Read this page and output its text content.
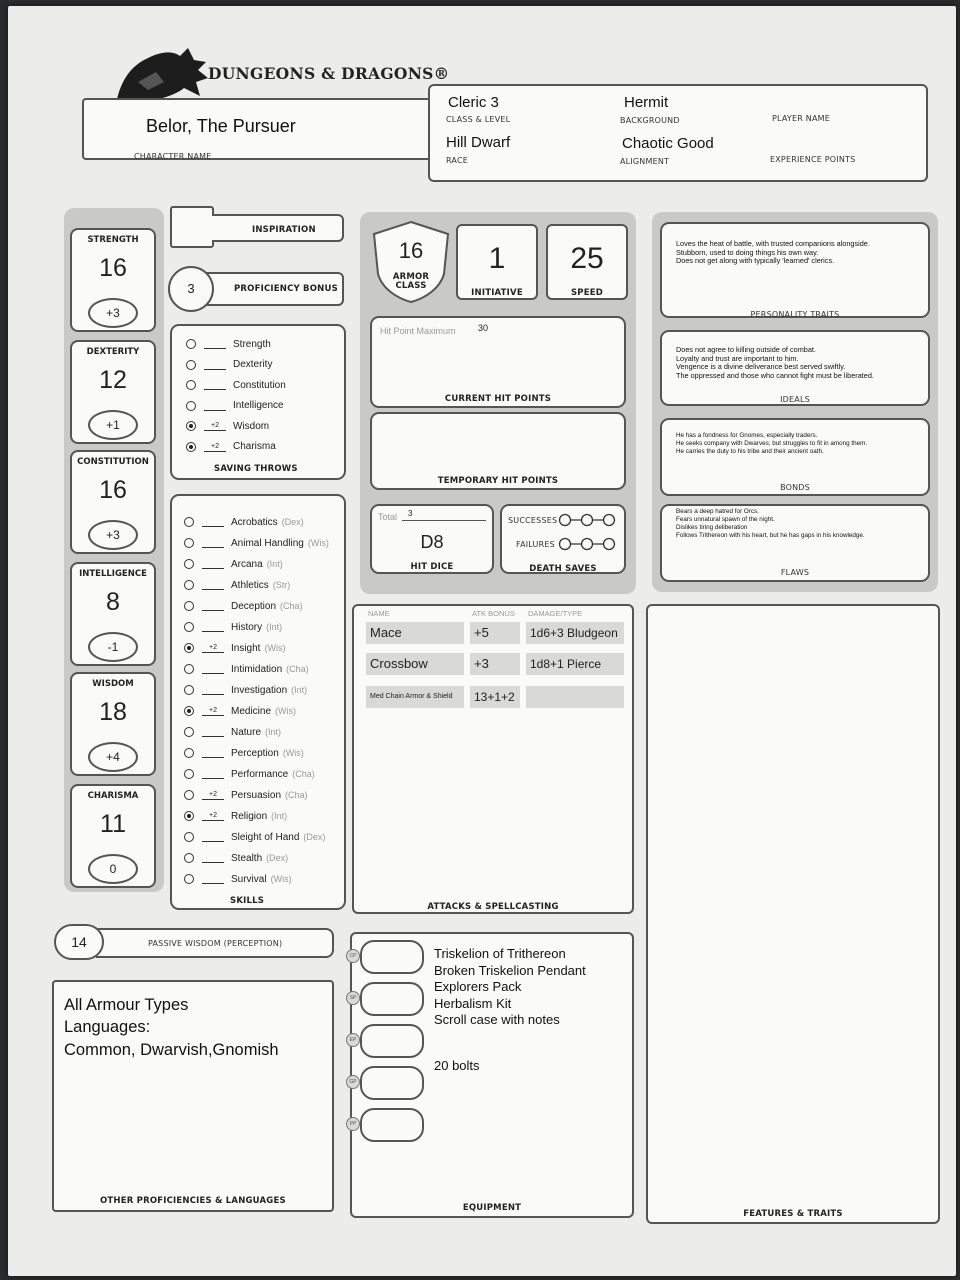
DUNGEONS & DRAGONS®
Belor, The Pursuer
CHARACTER NAME
Cleric 3
CLASS & LEVEL
Hermit
BACKGROUND	PLAYER NAME
Hill Dwarf
RACE
Chaotic Good
ALIGNMENT	EXPERIENCE POINTS
STRENGTH
16
+3
DEXTERITY
12
+1
CONSTITUTION
16
+3
INTELLIGENCE
8
-1
WISDOM
18
+4
CHARISMA
11
0
INSPIRATION
3	PROFICIENCY BONUS
Strength
Dexterity
Constitution
Intelligence
+2	Wisdom
+2	Charisma
SAVING THROWS
Acrobatics (Dex)
Animal Handling (Wis)
Arcana (Int)
Athletics (Str)
Deception (Cha)
History (Int)
+2	Insight (Wis)
Intimidation (Cha)
Investigation (Int)
+2	Medicine (Wis)
Nature (Int)
Perception (Wis)
Performance (Cha)
+2	Persuasion (Cha)
+2	Religion (Int)
Sleight of Hand (Dex)
Stealth (Dex)
Survival (Wis)
SKILLS
14	PASSIVE WISDOM (PERCEPTION)
All Armour Types
Languages:
Common, Dwarvish,Gnomish
OTHER PROFICIENCIES & LANGUAGES
16
ARMOR
CLASS
1
INITIATIVE
25
SPEED
Hit Point Maximum 30
CURRENT HIT POINTS
TEMPORARY HIT POINTS
Total 3
D8
HIT DICE
SUCCESSES
FAILURES
DEATH SAVES
NAME	ATK BONUS DAMAGE/TYPE
Mace	+5	1d6+3 Bludgeon
Crossbow	+3	1d8+1 Pierce
Med Chain Armor & Shield	13+1+2
ATTACKS & SPELLCASTING
CP
SP
EP
GP
PP
Triskelion of Trithereon
Broken Triskelion Pendant
Explorers Pack
Herbalism Kit
Scroll case with notes
20 bolts
EQUIPMENT
Loves the heat of battle, with trusted companions alongside.
Stubborn, used to doing things his own way.
Does not get along with typically 'learned' clerics.
PERSONALITY TRAITS
Does not agree to killing outside of combat.
Loyalty and trust are important to him.
Vengence is a divine deliverance best served swiftly.
The oppressed and those who cannot fight must be liberated.
IDEALS
He has a fondness for Gnomes, especially traders.
He seeks company with Dwarves; but struggles to fit in among them.
He carries the duty to his tribe and their ancient oath.
BONDS
Bears a deep hatred for Orcs.
Fears unnatural spawn of the night.
Dislikes tiring deliberation
Follows Trithereon with his heart, but he has gaps in his knowledge.
FLAWS
FEATURES & TRAITS
